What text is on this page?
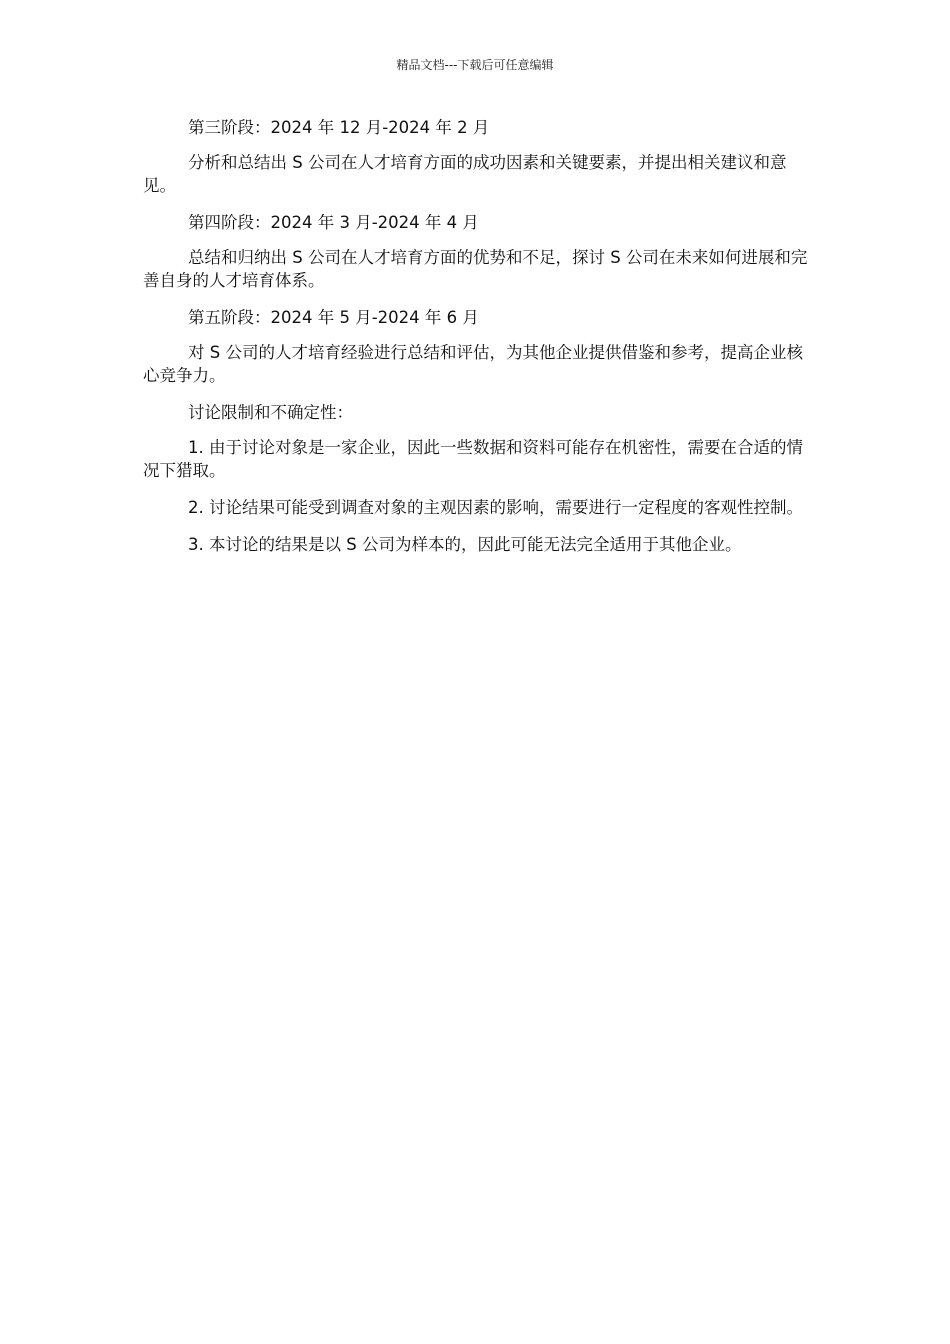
精品文档---下载后可任意编辑

第三阶段：2024 年 12 月-2024 年 2 月

分析和总结出 S 公司在人才培育方面的成功因素和关键要素，并提出相关建议和意见。

第四阶段：2024 年 3 月-2024 年 4 月

总结和归纳出 S 公司在人才培育方面的优势和不足，探讨 S 公司在未来如何进展和完善自身的人才培育体系。

第五阶段：2024 年 5 月-2024 年 6 月

对 S 公司的人才培育经验进行总结和评估，为其他企业提供借鉴和参考，提高企业核心竞争力。

讨论限制和不确定性：

1. 由于讨论对象是一家企业，因此一些数据和资料可能存在机密性，需要在合适的情况下猎取。

2. 讨论结果可能受到调查对象的主观因素的影响，需要进行一定程度的客观性控制。

3. 本讨论的结果是以 S 公司为样本的，因此可能无法完全适用于其他企业。
